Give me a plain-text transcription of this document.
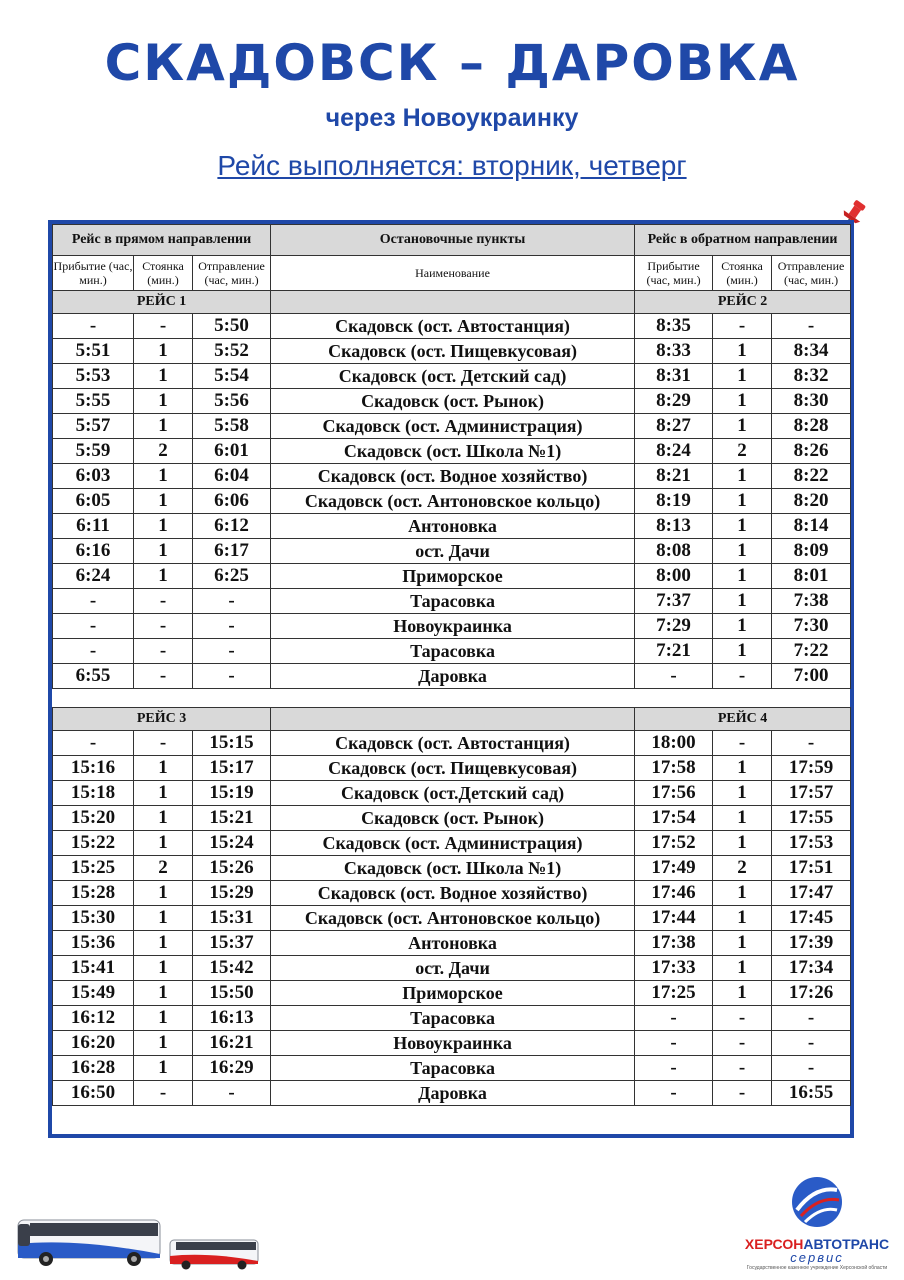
СКАДОВСК – ДАРОВКА
через Новоукраинку
Рейс выполняется: вторник, четверг
Рейс в прямом направлении			Остановочные пункты	Рейс в обратном направлении		
Прибытие (час, мин.)	Стоянка (мин.)	Отправление (час, мин.)	Наименование	Прибытие (час, мин.)	Стоянка (мин.)	Отправление (час, мин.)
РЕЙС 1				РЕЙС 2		
-	-	5:50	Скадовск (ост. Автостанция)	8:35	-	-
5:51	1	5:52	Скадовск (ост. Пищевкусовая)	8:33	1	8:34
5:53	1	5:54	Скадовск (ост. Детский сад)	8:31	1	8:32
5:55	1	5:56	Скадовск (ост. Рынок)	8:29	1	8:30
5:57	1	5:58	Скадовск (ост. Администрация)	8:27	1	8:28
5:59	2	6:01	Скадовск (ост. Школа №1)	8:24	2	8:26
6:03	1	6:04	Скадовск (ост. Водное хозяйство)	8:21	1	8:22
6:05	1	6:06	Скадовск (ост. Антоновское кольцо)	8:19	1	8:20
6:11	1	6:12	Антоновка	8:13	1	8:14
6:16	1	6:17	ост. Дачи	8:08	1	8:09
6:24	1	6:25	Приморское	8:00	1	8:01
-	-	-	Тарасовка	7:37	1	7:38
-	-	-	Новоукраинка	7:29	1	7:30
-	-	-	Тарасовка	7:21	1	7:22
6:55	-	-	Даровка	-	-	7:00

РЕЙС 3				РЕЙС 4		
-	-	15:15	Скадовск (ост. Автостанция)	18:00	-	-
15:16	1	15:17	Скадовск (ост. Пищевкусовая)	17:58	1	17:59
15:18	1	15:19	Скадовск (ост.Детский сад)	17:56	1	17:57
15:20	1	15:21	Скадовск (ост. Рынок)	17:54	1	17:55
15:22	1	15:24	Скадовск (ост. Администрация)	17:52	1	17:53
15:25	2	15:26	Скадовск (ост. Школа №1)	17:49	2	17:51
15:28	1	15:29	Скадовск (ост. Водное хозяйство)	17:46	1	17:47
15:30	1	15:31	Скадовск (ост. Антоновское кольцо)	17:44	1	17:45
15:36	1	15:37	Антоновка	17:38	1	17:39
15:41	1	15:42	ост. Дачи	17:33	1	17:34
15:49	1	15:50	Приморское	17:25	1	17:26
16:12	1	16:13	Тарасовка	-	-	-
16:20	1	16:21	Новоукраинка	-	-	-
16:28	1	16:29	Тарасовка	-	-	-
16:50	-	-	Даровка	-	-	16:55
ХЕРСОНАВТОТРАНС
сервис
Государственное казенное учреждение Херсонской области
